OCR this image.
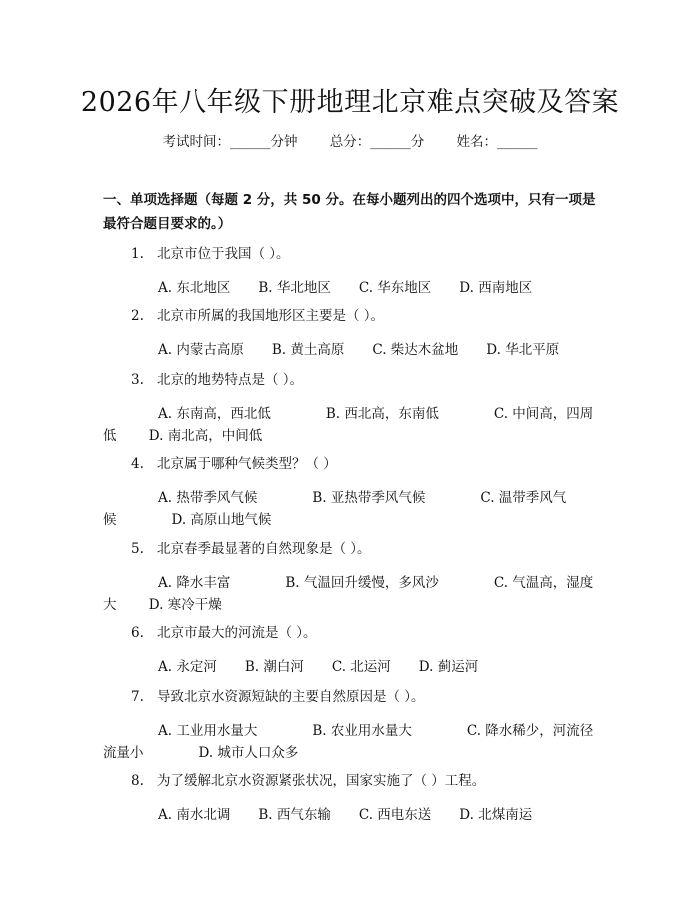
2026年八年级下册地理北京难点突破及答案
考试时间：______分钟 总分：______分 姓名：______
一、单项选择题（每题 2 分，共 50 分。在每小题列出的四个选项中，只有一项是最符合题目要求的。）
1. 北京市位于我国（ ）。
A. 东北地区 B. 华北地区 C. 华东地区 D. 西南地区
2. 北京市所属的我国地形区主要是（ ）。
A. 内蒙古高原 B. 黄土高原 C. 柴达木盆地 D. 华北平原
3. 北京的地势特点是（ ）。
A. 东南高，西北低  	B. 西北高，东南低  	C. 中间高，四周低 D. 南北高，中间低
4. 北京属于哪种气候类型？（ ）
A. 热带季风气候  	B. 亚热带季风气候  	C. 温带季风气候  	D. 高原山地气候
5. 北京春季最显著的自然现象是（ ）。
A. 降水丰富  	B. 气温回升缓慢，多风沙  	C. 气温高，湿度大 D. 寒冷干燥
6. 北京市最大的河流是（ ）。
A. 永定河 B. 潮白河 C. 北运河 D. 蓟运河
7. 导致北京水资源短缺的主要自然原因是（ ）。
A. 工业用水量大  	B. 农业用水量大  	C. 降水稀少，河流径流量小  	D. 城市人口众多
8. 为了缓解北京水资源紧张状况，国家实施了（ ）工程。
A. 南水北调 B. 西气东输 C. 西电东送 D. 北煤南运
